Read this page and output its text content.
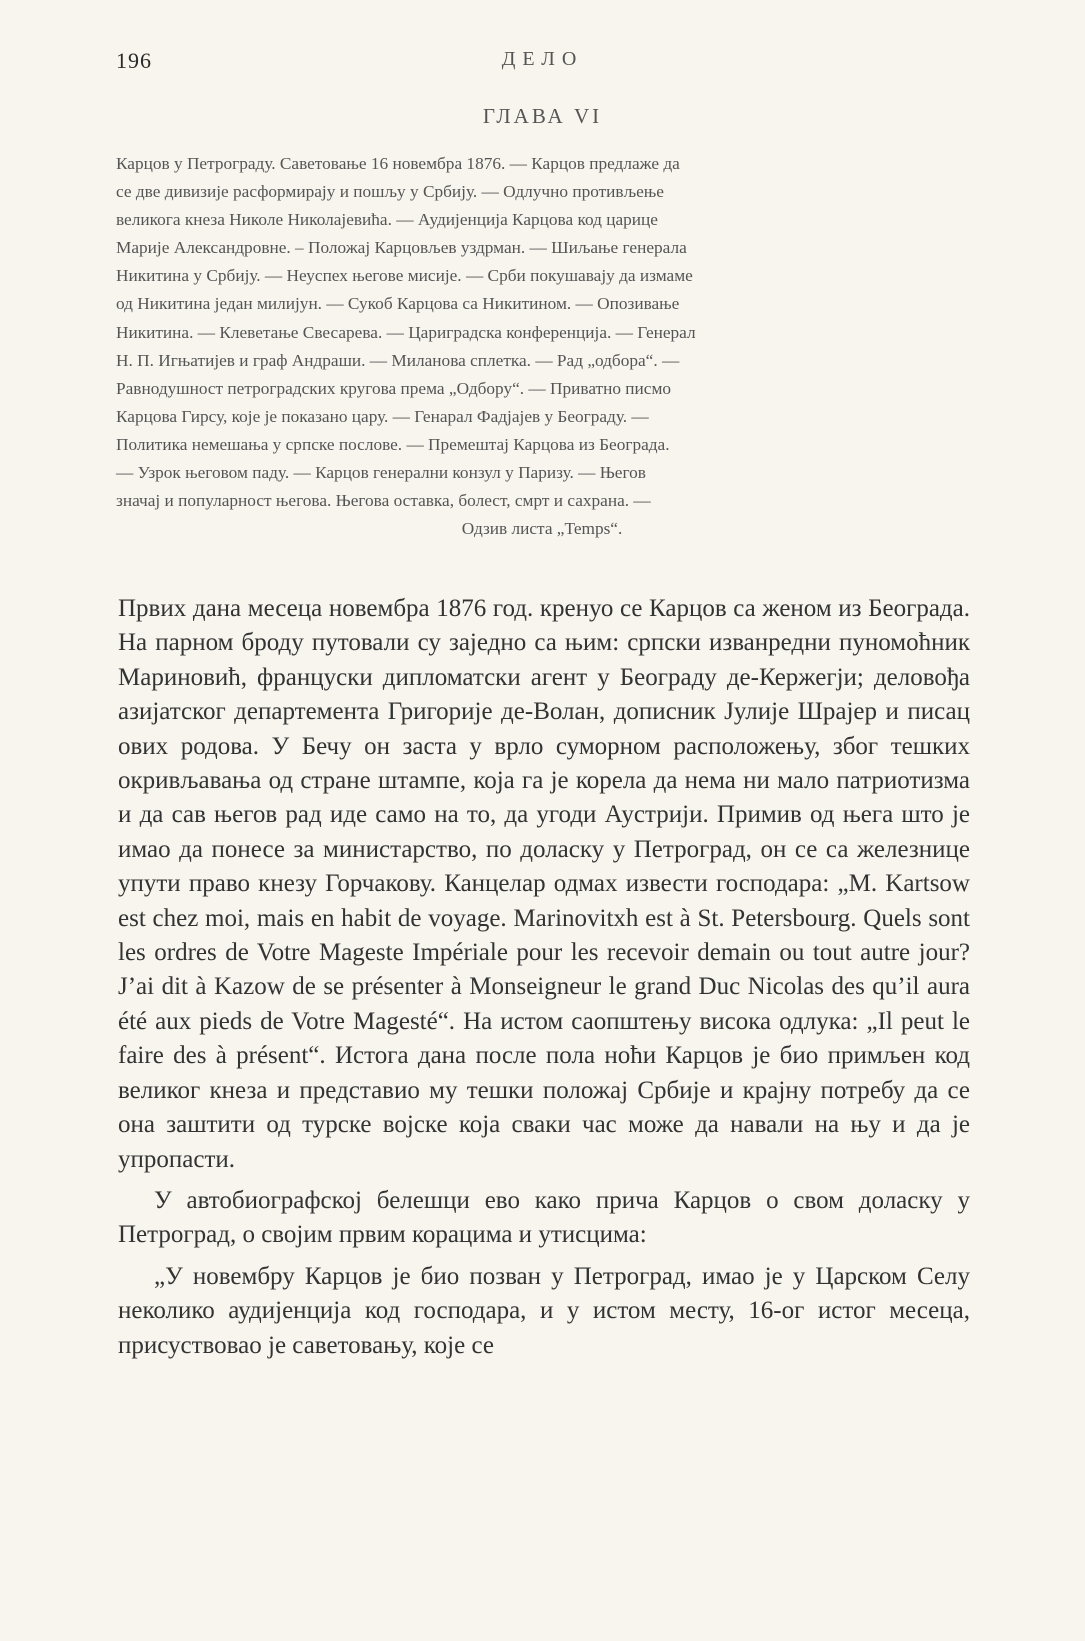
196	ДЕЛО
ГЛАВА VI
Карцов у Петрограду. Саветовање 16 новембра 1876. — Карцов предлаже да
се две дивизије расформирају и пошљу у Србију. — Одлучно противљење
великога кнеза Николе Николајевића. — Аудијенција Карцова код царице
Марије Александровне. – Положај Карцовљев уздрман. — Шиљање генерала
Никитина у Србију. — Неуспех његове мисије. — Срби покушавају да измаме
од Никитина један милијун. — Сукоб Карцова са Никитином. — Опозивање
Никитина. — Клеветање Свесарева. — Цариградска конференција. — Генерал
Н. П. Игњатијев и граф Андраши. — Миланова сплетка. — Рад „одбора“. —
Равнодушност петроградских кругова према „Одбору“. — Приватно писмо
Карцова Гирсу, које је показано цару. — Генарал Фадјајев у Београду. —
Политика немешања у српске послове. — Премештај Карцова из Београда.
— Узрок његовом паду. — Карцов генерални конзул у Паризу. — Његов
значај и популарност његова. Његова оставка, болест, смрт и сахрана. —
Одзив листа „Temps“.

Првих дана месеца новембра 1876 год. кренуо се Карцов са женом из Београда. На парном броду путовали су заједно са њим: српски изванредни пуномоћник Мариновић, француски дипломатски агент у Београду де-Кержегји; деловођа азијатског департемента Григорије де-Волан, дописник Јулије Шрајер и писац ових родова. У Бечу он заста у врло суморном расположењу, због тешких окривљавања од стране штампе, која га је корела да нема ни мало патриотизма и да сав његов рад иде само на то, да угоди Аустрији. Примив од њега што је имао да понесе за министарство, по доласку у Петроград, он се са железнице упути право кнезу Горчакову. Канцелар одмах извести господара: „M. Kartsow est chez moi, mais en habit de voyage. Marinovitxh est à St. Petersbourg. Quels sont les ordres de Votre Mageste Impériale pour les recevoir demain ou tout autre jour? J’ai dit à Kazow de se présenter à Monseigneur le grand Duc Nicolas des qu’il aura été aux pieds de Votre Magesté“. На истом саопштењу висока одлука: „Il peut le faire des à présent“. Истога дана после пола ноћи Карцов је био примљен код великог кнеза и представио му тешки положај Србије и крајну потребу да се она заштити од турске војске која сваки час може да навали на њу и да је упропасти.

У автобиографској белешци ево како прича Карцов о свом доласку у Петроград, о својим првим корацима и утисцима:

„У новембру Карцов је био позван у Петроград, имао је у Царском Селу неколико аудијенција код господара, и у истом месту, 16-ог истог месеца, присуствовао је саветовању, које се
